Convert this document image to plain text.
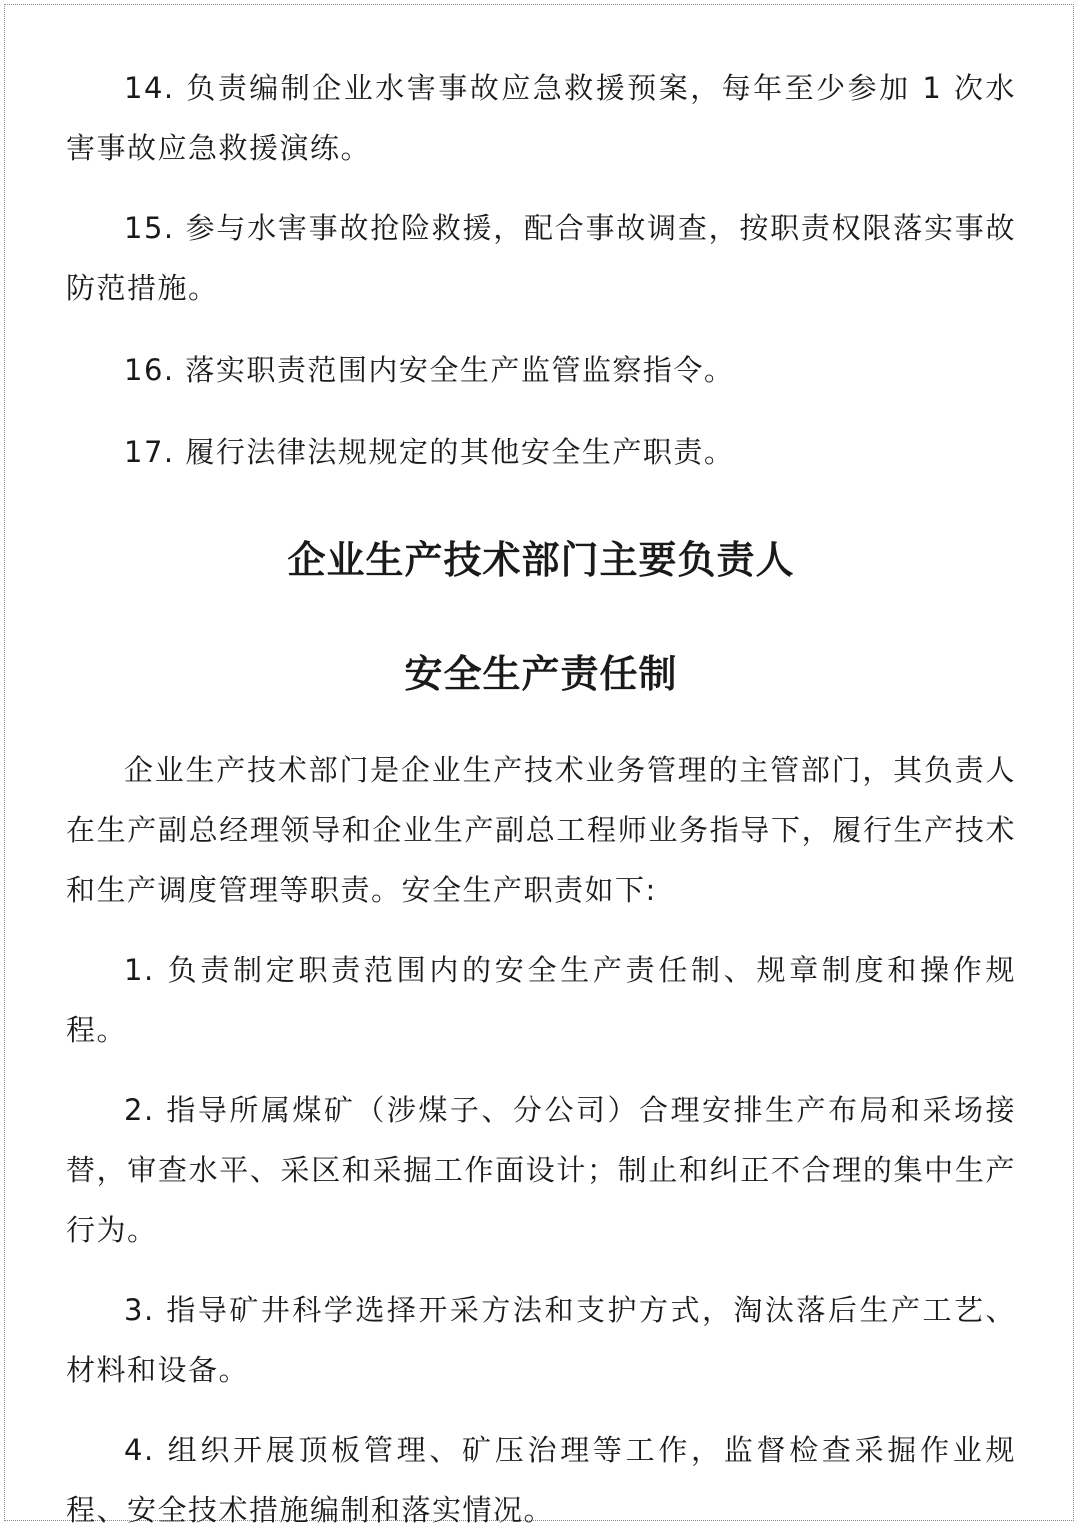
14. 负责编制企业水害事故应急救援预案，每年至少参加 1 次水害事故应急救援演练。

15. 参与水害事故抢险救援，配合事故调查，按职责权限落实事故防范措施。

16. 落实职责范围内安全生产监管监察指令。

17. 履行法律法规规定的其他安全生产职责。

企业生产技术部门主要负责人
安全生产责任制

企业生产技术部门是企业生产技术业务管理的主管部门，其负责人在生产副总经理领导和企业生产副总工程师业务指导下，履行生产技术和生产调度管理等职责。安全生产职责如下:

1. 负责制定职责范围内的安全生产责任制、规章制度和操作规程。

2. 指导所属煤矿（涉煤子、分公司）合理安排生产布局和采场接替，审查水平、采区和采掘工作面设计；制止和纠正不合理的集中生产行为。

3. 指导矿井科学选择开采方法和支护方式，淘汰落后生产工艺、材料和设备。

4. 组织开展顶板管理、矿压治理等工作，监督检查采掘作业规程、安全技术措施编制和落实情况。
